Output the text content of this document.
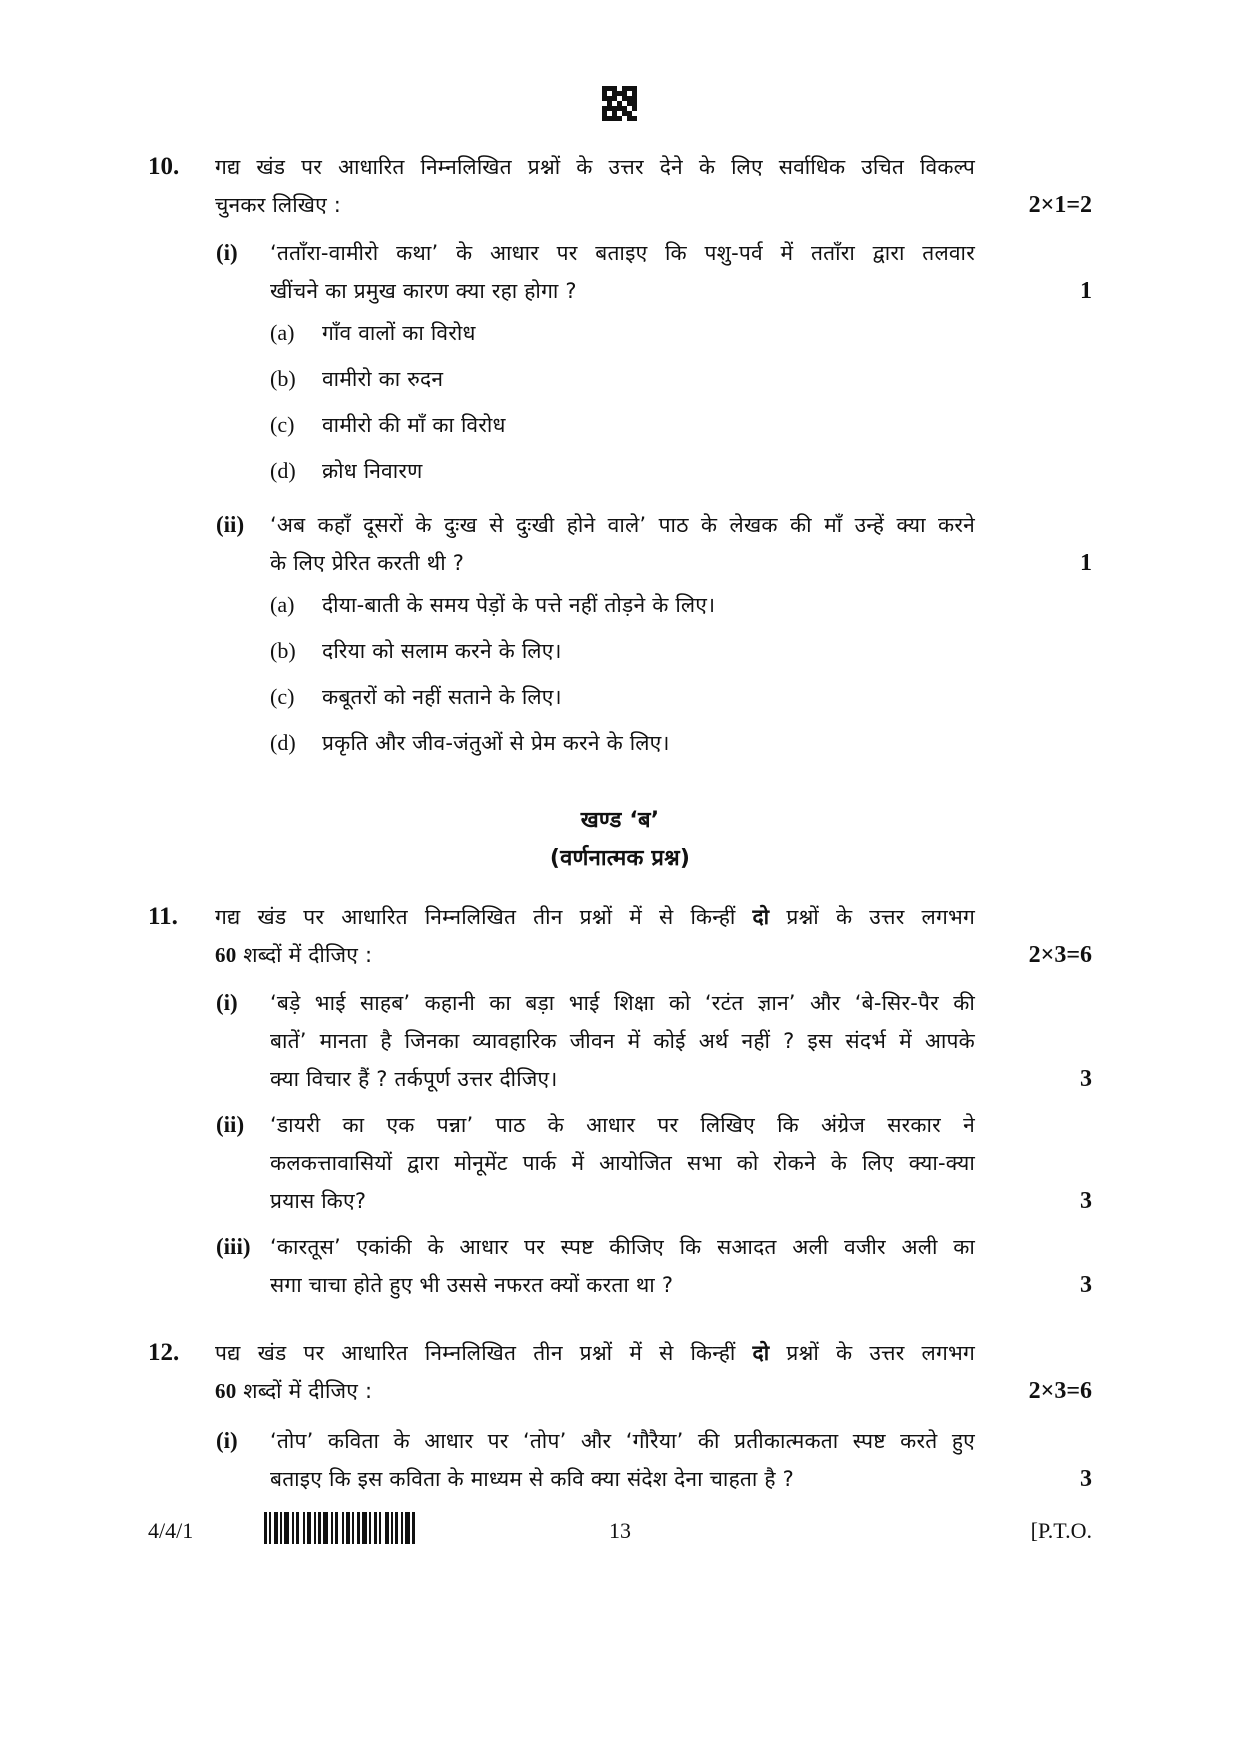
10. गद्य खंड पर आधारित निम्नलिखित प्रश्नों के उत्तर देने के लिए सर्वाधिक उचित विकल्प
चुनकर लिखिए :	2×1=2
(i) ‘तताँरा-वामीरो कथा’ के आधार पर बताइए कि पशु-पर्व में तताँरा द्वारा तलवार
खींचने का प्रमुख कारण क्या रहा होगा ?	1
(a)	गाँव वालों का विरोध
(b)	वामीरो का रुदन
(c)	वामीरो की माँ का विरोध
(d)	क्रोध निवारण
(ii) ‘अब कहाँ दूसरों के दुःख से दुःखी होने वाले’ पाठ के लेखक की माँ उन्हें क्या करने
के लिए प्रेरित करती थी ?	1
(a)	दीया-बाती के समय पेड़ों के पत्ते नहीं तोड़ने के लिए।
(b)	दरिया को सलाम करने के लिए।
(c)	कबूतरों को नहीं सताने के लिए।
(d)	प्रकृति और जीव-जंतुओं से प्रेम करने के लिए।
खण्ड ‘ब’
(वर्णनात्मक प्रश्न)
11. गद्य खंड पर आधारित निम्नलिखित तीन प्रश्नों में से किन्हीं दो प्रश्नों के उत्तर लगभग
60 शब्दों में दीजिए :	2×3=6
(i) ‘बड़े भाई साहब’ कहानी का बड़ा भाई शिक्षा को ‘रटंत ज्ञान’ और ‘बे-सिर-पैर की
बातें’ मानता है जिनका व्यावहारिक जीवन में कोई अर्थ नहीं ? इस संदर्भ में आपके
क्या विचार हैं ? तर्कपूर्ण उत्तर दीजिए।	3
(ii) ‘डायरी का एक पन्ना’ पाठ के आधार पर लिखिए कि अंग्रेज सरकार ने
कलकत्तावासियों द्वारा मोनूमेंट पार्क में आयोजित सभा को रोकने के लिए क्या-क्या
प्रयास किए?	3
(iii) ‘कारतूस’ एकांकी के आधार पर स्पष्ट कीजिए कि सआदत अली वजीर अली का
सगा चाचा होते हुए भी उससे नफरत क्यों करता था ?	3
12. पद्य खंड पर आधारित निम्नलिखित तीन प्रश्नों में से किन्हीं दो प्रश्नों के उत्तर लगभग
60 शब्दों में दीजिए :	2×3=6
(i) ‘तोप’ कविता के आधार पर ‘तोप’ और ‘गौरैया’ की प्रतीकात्मकता स्पष्ट करते हुए
बताइए कि इस कविता के माध्यम से कवि क्या संदेश देना चाहता है ?	3
4/4/1	13	[P.T.O.
